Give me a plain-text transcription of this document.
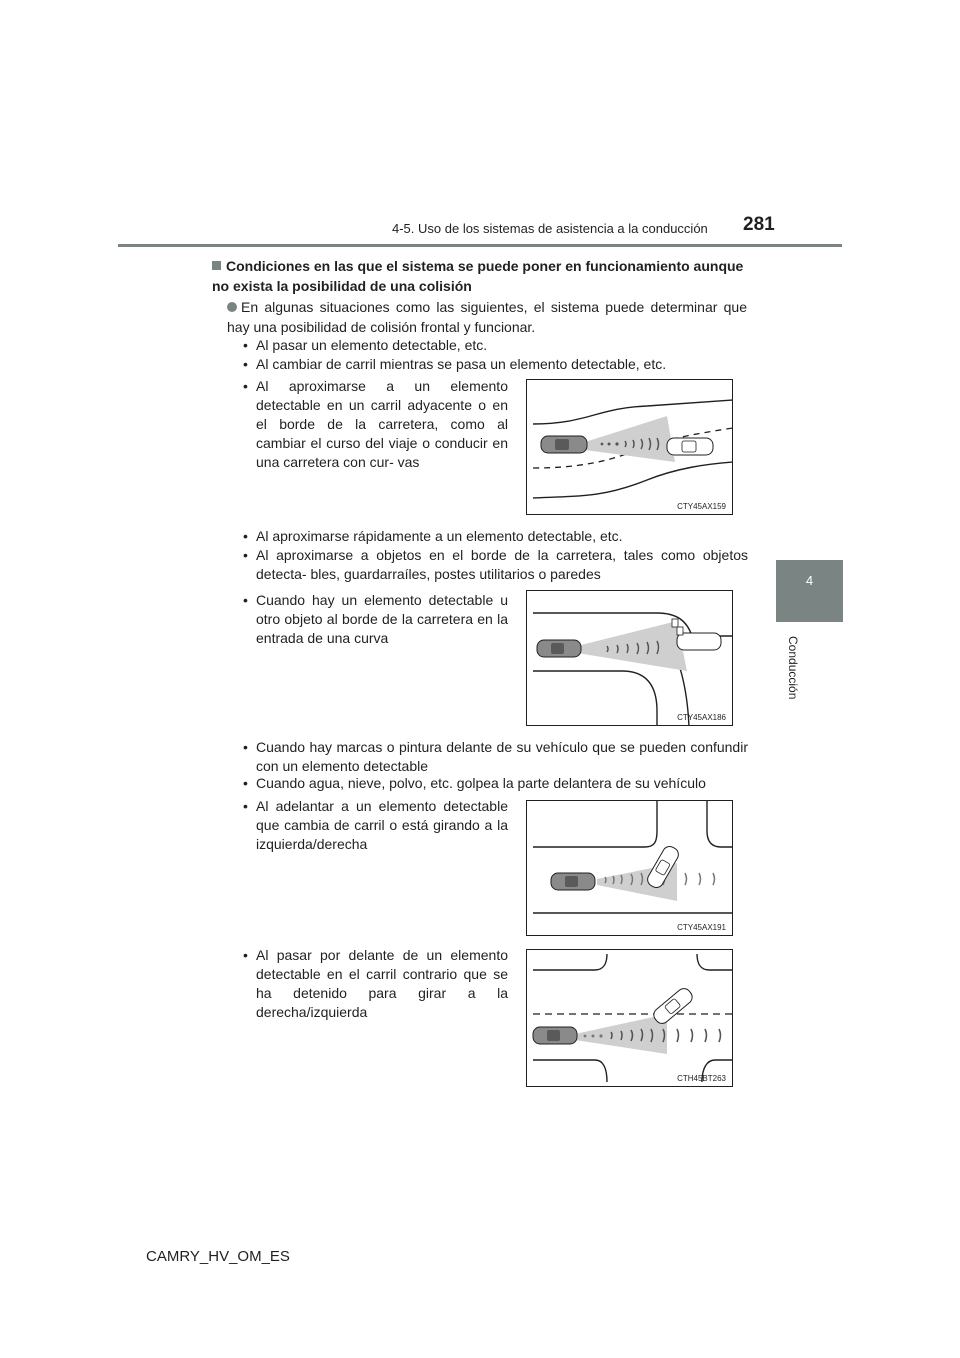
4-5. Uso de los sistemas de asistencia a la conducción 281
4
Conducción
Condiciones en las que el sistema se puede poner en funcionamiento aunque no exista la posibilidad de una colisión
En algunas situaciones como las siguientes, el sistema puede determinar que hay una posibilidad de colisión frontal y funcionar.
• Al pasar un elemento detectable, etc.
• Al cambiar de carril mientras se pasa un elemento detectable, etc.
• Al aproximarse a un elemento detectable en un carril adyacente o en el borde de la carretera, como al cambiar el curso del viaje o conducir en una carretera con cur- vas
CTY45AX159
• Al aproximarse rápidamente a un elemento detectable, etc.
• Al aproximarse a objetos en el borde de la carretera, tales como objetos detecta- bles, guardarraíles, postes utilitarios o paredes
• Cuando hay un elemento detectable u otro objeto al borde de la carretera en la entrada de una curva
CTY45AX186
• Cuando hay marcas o pintura delante de su vehículo que se pueden confundir con un elemento detectable
• Cuando agua, nieve, polvo, etc. golpea la parte delantera de su vehículo
• Al adelantar a un elemento detectable que cambia de carril o está girando a la izquierda/derecha
CTY45AX191
• Al pasar por delante de un elemento detectable en el carril contrario que se ha detenido para girar a la derecha/izquierda
CTH45BT263
CAMRY_HV_OM_ES
